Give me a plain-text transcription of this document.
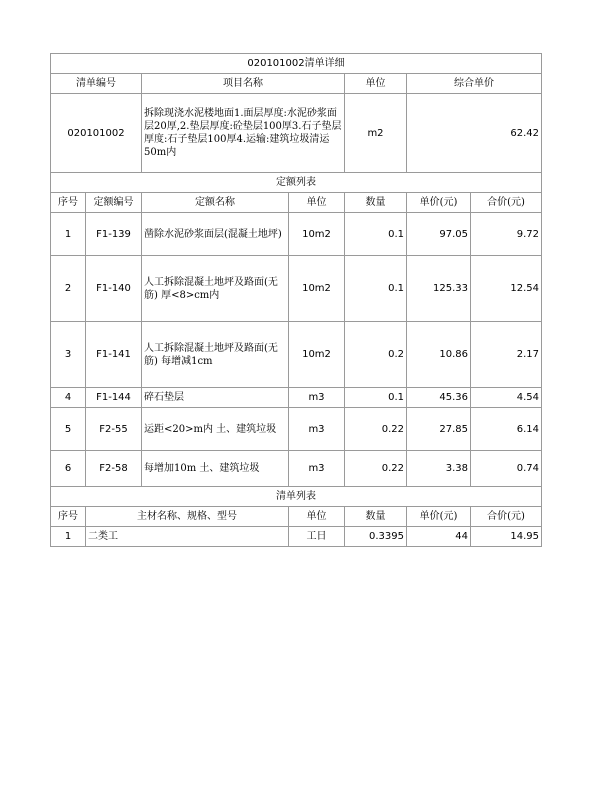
020101002清单详细						
清单编号		项目名称		单位	综合单价	
020101002		拆除现浇水泥楼地面1.面层厚度:水泥砂浆面层20厚,2.垫层厚度:砼垫层100厚3.石子垫层厚度:石子垫层100厚4.运输:建筑垃圾清运50m内		m2	62.42	
定额列表						
序号	定额编号	定额名称	单位	数量	单价(元)	合价(元)
1	F1-139	凿除水泥砂浆面层(混凝土地坪)	10m2	0.1	97.05	9.72
2	F1-140	人工拆除混凝土地坪及路面(无筋) 厚<8>cm内	10m2	0.1	125.33	12.54
3	F1-141	人工拆除混凝土地坪及路面(无筋) 每增减1cm	10m2	0.2	10.86	2.17
4	F1-144	碎石垫层	m3	0.1	45.36	4.54
5	F2-55	运距<20>m内 土、建筑垃圾	m3	0.22	27.85	6.14
6	F2-58	每增加10m 土、建筑垃圾	m3	0.22	3.38	0.74
清单列表						
序号	主材名称、规格、型号		单位	数量	单价(元)	合价(元)
1	二类工		工日	0.3395	44	14.95
